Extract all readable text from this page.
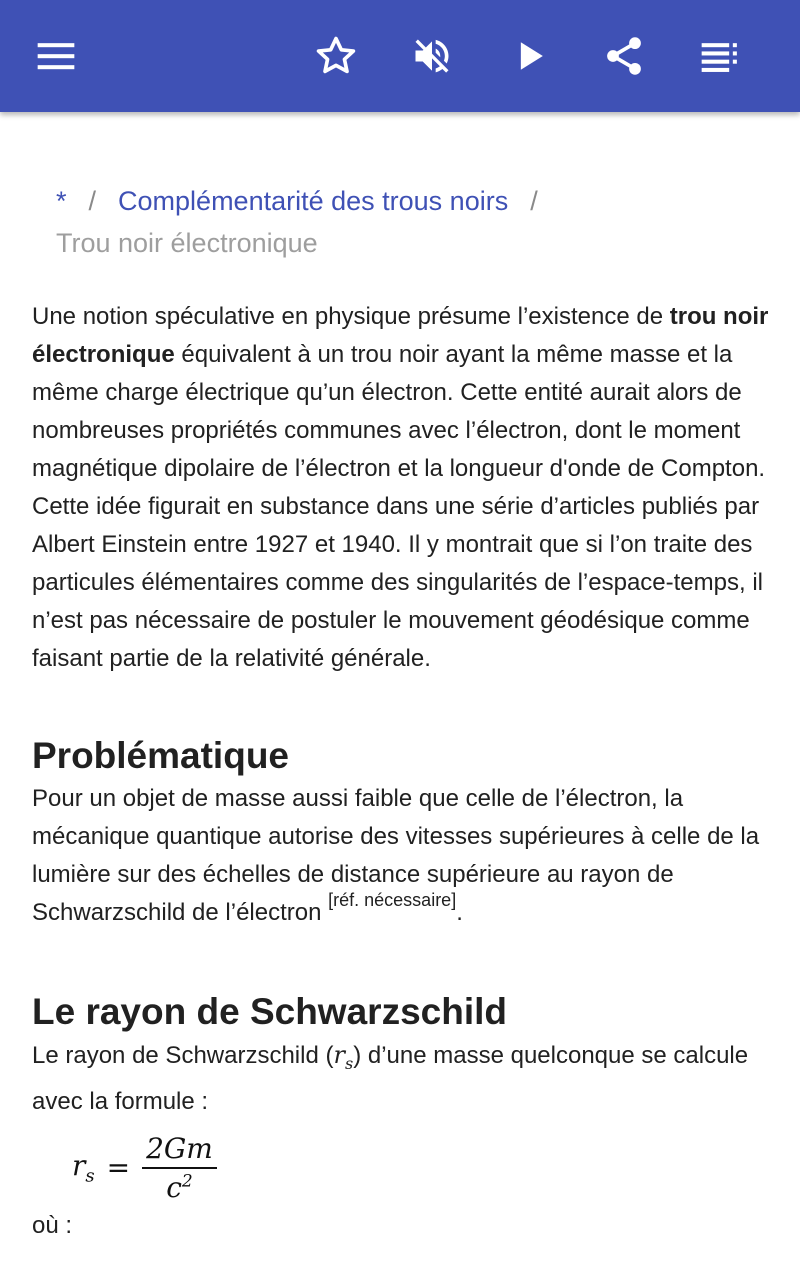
* / Complémentarité des trous noirs /
Trou noir électronique

Une notion spéculative en physique présume l’existence de trou noir électronique équivalent à un trou noir ayant la même masse et la même charge électrique qu’un électron. Cette entité aurait alors de nombreuses propriétés communes avec l’électron, dont le moment magnétique dipolaire de l’électron et la longueur d'onde de Compton. Cette idée figurait en substance dans une série d’articles publiés par Albert Einstein entre 1927 et 1940. Il y montrait que si l’on traite des particules élémentaires comme des singularités de l’espace-temps, il n’est pas nécessaire de postuler le mouvement géodésique comme faisant partie de la relativité générale.

Problématique

Pour un objet de masse aussi faible que celle de l’électron, la mécanique quantique autorise des vitesses supérieures à celle de la lumière sur des échelles de distance supérieure au rayon de Schwarzschild de l’électron [réf. nécessaire].

Le rayon de Schwarzschild

Le rayon de Schwarzschild $(r_s)$ d’une masse quelconque se calcule avec la formule :

$r_s = \frac{2Gm}{c^2}$

où :
